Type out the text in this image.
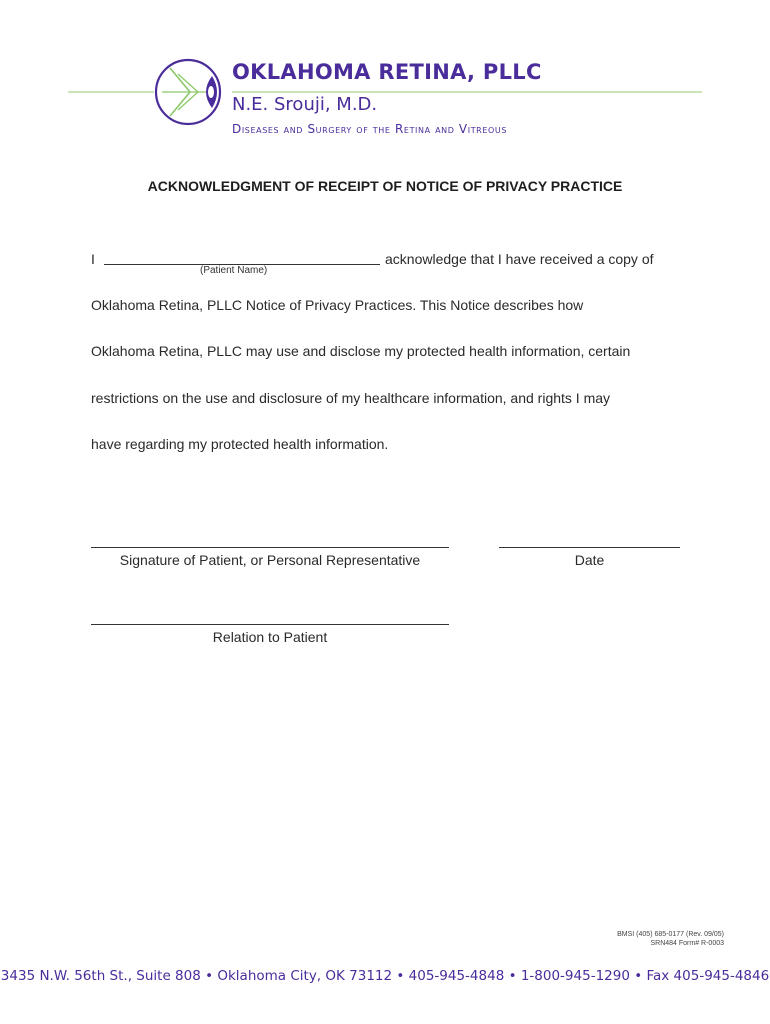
OKLAHOMA RETINA, PLLC
N.E. Srouji, M.D.
Diseases and Surgery of the Retina and Vitreous
ACKNOWLEDGMENT OF RECEIPT OF NOTICE OF PRIVACY PRACTICE
I	acknowledge that I have received a copy of
(Patient Name)
Oklahoma Retina, PLLC Notice of Privacy Practices. This Notice describes how
Oklahoma Retina, PLLC may use and disclose my protected health information, certain
restrictions on the use and disclosure of my healthcare information, and rights I may
have regarding my protected health information.
Signature of Patient, or Personal Representative	Date
Relation to Patient
BMSI (405) 685-0177 (Rev. 09/05)
SRN484 Form# R-0003
3435 N.W. 56th St., Suite 808 • Oklahoma City, OK 73112 • 405-945-4848 • 1-800-945-1290 • Fax 405-945-4846
